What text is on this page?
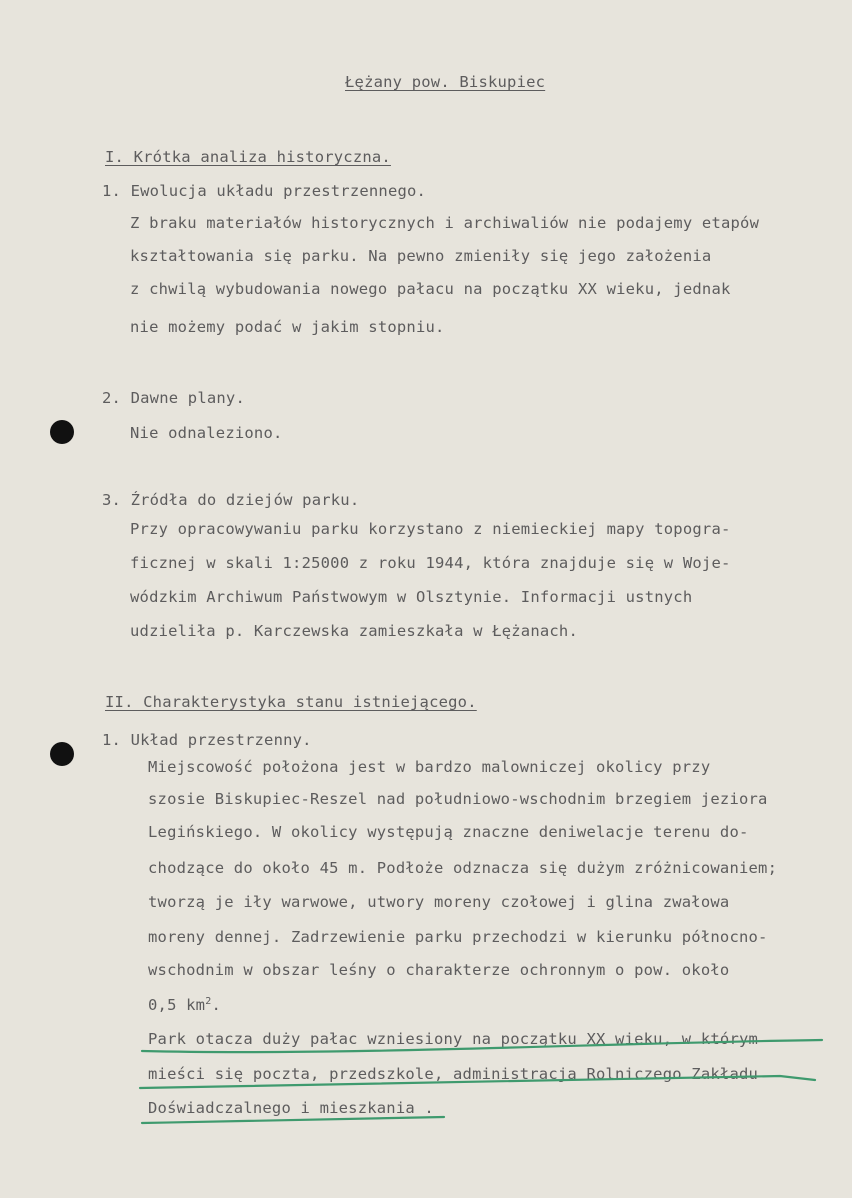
Łężany pow. Biskupiec
I. Krótka analiza historyczna.
1. Ewolucja układu przestrzennego.
Z braku materiałów historycznych i archiwaliów nie podajemy etapów
kształtowania się parku. Na pewno zmieniły się jego założenia
z chwilą wybudowania nowego pałacu na początku XX wieku, jednak
nie możemy podać w jakim stopniu.
2. Dawne plany.
Nie odnaleziono.
3. Źródła do dziejów parku.
Przy opracowywaniu parku korzystano z niemieckiej mapy topogra-
ficznej w skali 1:25000 z roku 1944, która znajduje się w Woje-
wódzkim Archiwum Państwowym w Olsztynie. Informacji ustnych
udzieliła p. Karczewska zamieszkała w Łężanach.
II. Charakterystyka stanu istniejącego.
1. Układ przestrzenny.
Miejscowość położona jest w bardzo malowniczej okolicy przy
szosie Biskupiec-Reszel nad południowo-wschodnim brzegiem jeziora
Legińskiego. W okolicy występują znaczne deniwelacje terenu do-
chodzące do około 45 m. Podłoże odznacza się dużym zróżnicowaniem;
tworzą je iły warwowe, utwory moreny czołowej i glina zwałowa
moreny dennej. Zadrzewienie parku przechodzi w kierunku północno-
wschodnim w obszar leśny o charakterze ochronnym o pow. około
0,5 $km^2$.
Park otacza duży pałac wzniesiony na początku XX wieku, w którym
mieści się poczta, przedszkole, administracja Rolniczego Zakładu
Doświadczalnego i mieszkania .
